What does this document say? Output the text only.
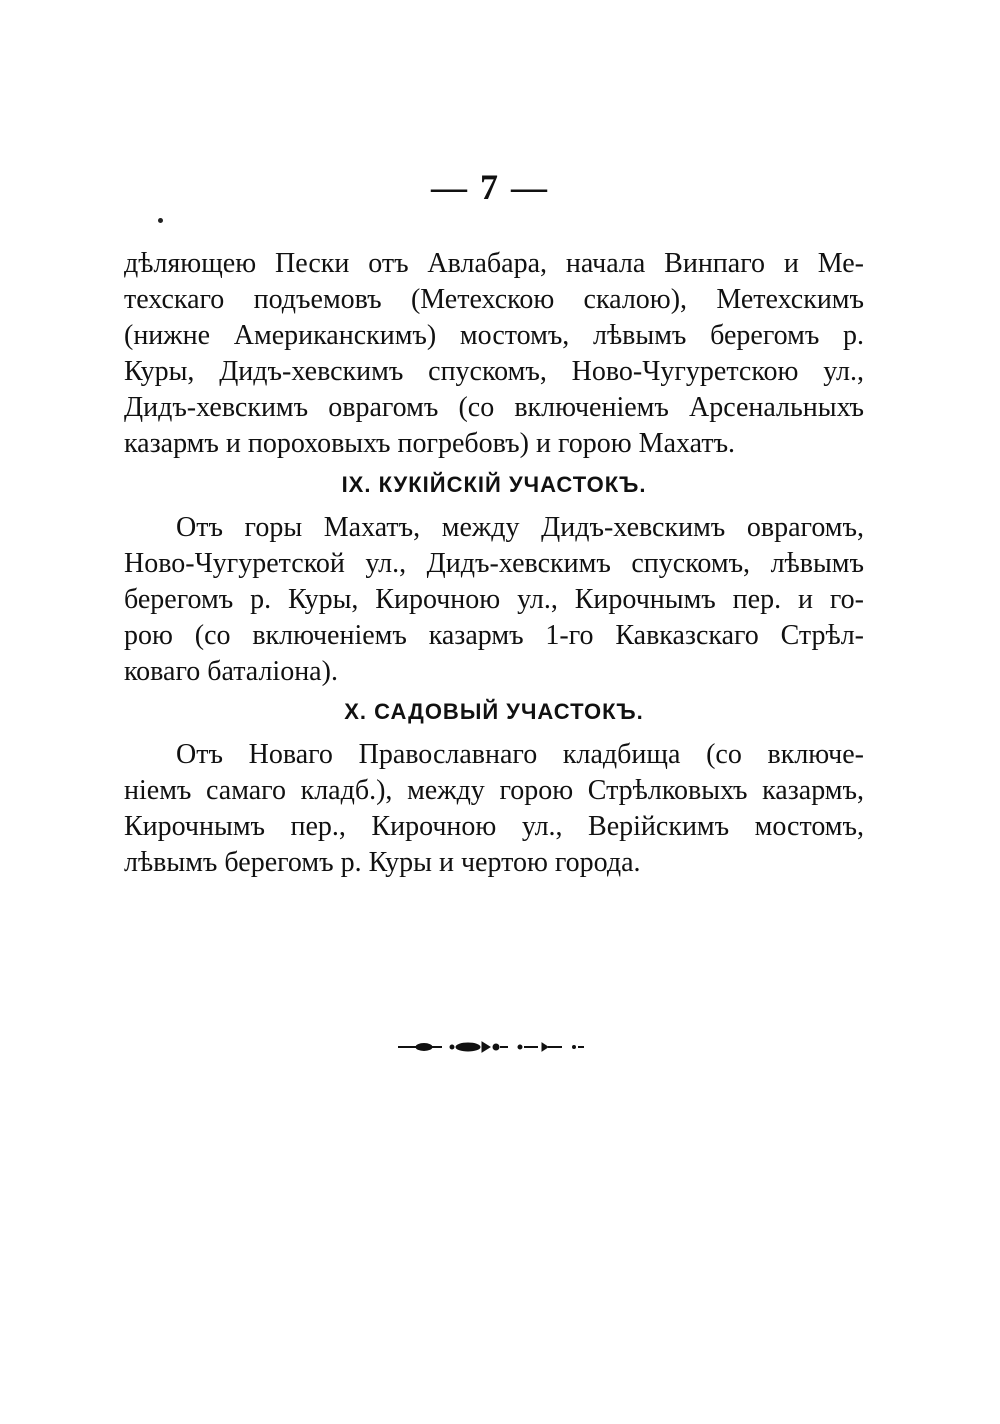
— 7 —

дѣляющею Пески отъ Авлабара, начала Винпаго и Ме-
техскаго подъемовъ (Метехскою скалою), Метехскимъ
(нижне Американскимъ) мостомъ, лѣвымъ берегомъ р.
Куры, Дидъ-хевскимъ спускомъ, Ново-Чугуретскою ул.,
Дидъ-хевскимъ оврагомъ (со включеніемъ Арсенальныхъ
казармъ и пороховыхъ погребовъ) и горою Махатъ.

IX. КУКІЙСКІЙ УЧАСТОКЪ.

Отъ горы Махатъ, между Дидъ-хевскимъ оврагомъ,
Ново-Чугуретской ул., Дидъ-хевскимъ спускомъ, лѣвымъ
берегомъ р. Куры, Кирочною ул., Кирочнымъ пер. и го-
рою (со включеніемъ казармъ 1-го Кавказскаго Стрѣл-
коваго баталіона).

X. САДОВЫЙ УЧАСТОКЪ.

Отъ Новаго Православнаго кладбища (со включе-
ніемъ самаго кладб.), между горою Стрѣлковыхъ казармъ,
Кирочнымъ пер., Кирочною ул., Верійскимъ мостомъ,
лѣвымъ берегомъ р. Куры и чертою города.
